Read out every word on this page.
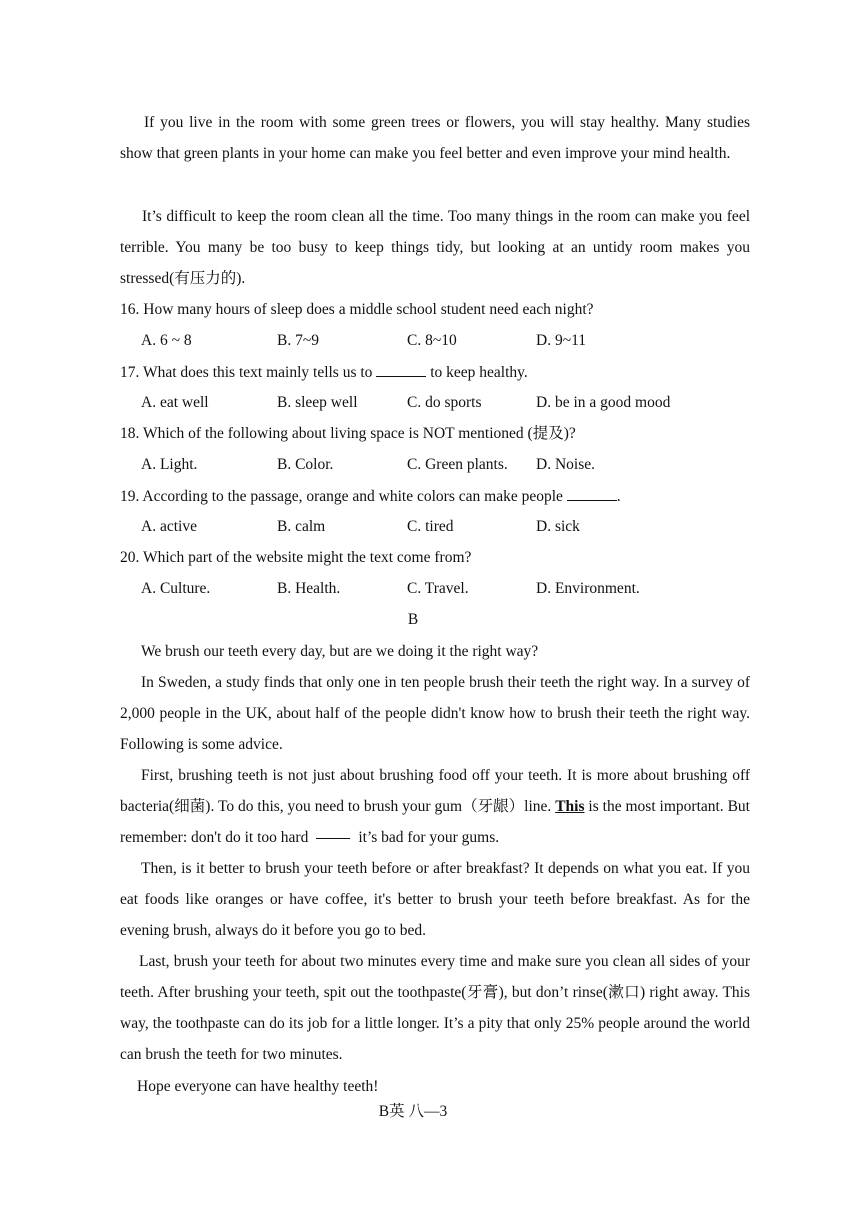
If you live in the room with some green trees or flowers, you will stay healthy. Many studies show that green plants in your home can make you feel better and even improve your mind health.

It’s difficult to keep the room clean all the time. Too many things in the room can make you feel terrible. You many be too busy to keep things tidy, but looking at an untidy room makes you stressed(有压力的).

16. How many hours of sleep does a middle school student need each night?

A. 6 ~ 8	B. 7~9	C. 8~10	D. 9~11

17. What does this text mainly tells us to	to keep healthy.

A. eat well	B. sleep well	C. do sports	D. be in a good mood

18. Which of the following about living space is NOT mentioned (提及)?

A. Light.	B. Color.	C. Green plants. D. Noise.

19. According to the passage, orange and white colors can make people	.

A. active	B. calm	C. tired	D. sick

20. Which part of the website might the text come from?

A. Culture.	B. Health.	C. Travel.	D. Environment.
B

We brush our teeth every day, but are we doing it the right way?

In Sweden, a study finds that only one in ten people brush their teeth the right way. In a survey of 2,000 people in the UK, about half of the people didn't know how to brush their teeth the right way. Following is some advice.

First, brushing teeth is not just about brushing food off your teeth. It is more about brushing off bacteria(细菌). To do this, you need to brush your gum（牙龈）line. This is the most important. But remember: don't do it too hard	it’s bad for your gums.

Then, is it better to brush your teeth before or after breakfast? It depends on what you eat. If you eat foods like oranges or have coffee, it's better to brush your teeth before breakfast. As for the evening brush, always do it before you go to bed.

Last, brush your teeth for about two minutes every time and make sure you clean all sides of your teeth. After brushing your teeth, spit out the toothpaste(牙膏), but don’t rinse(漱口) right away. This way, the toothpaste can do its job for a little longer. It’s a pity that only 25% people around the world can brush the teeth for two minutes.

Hope everyone can have healthy teeth!

B英 八—3
